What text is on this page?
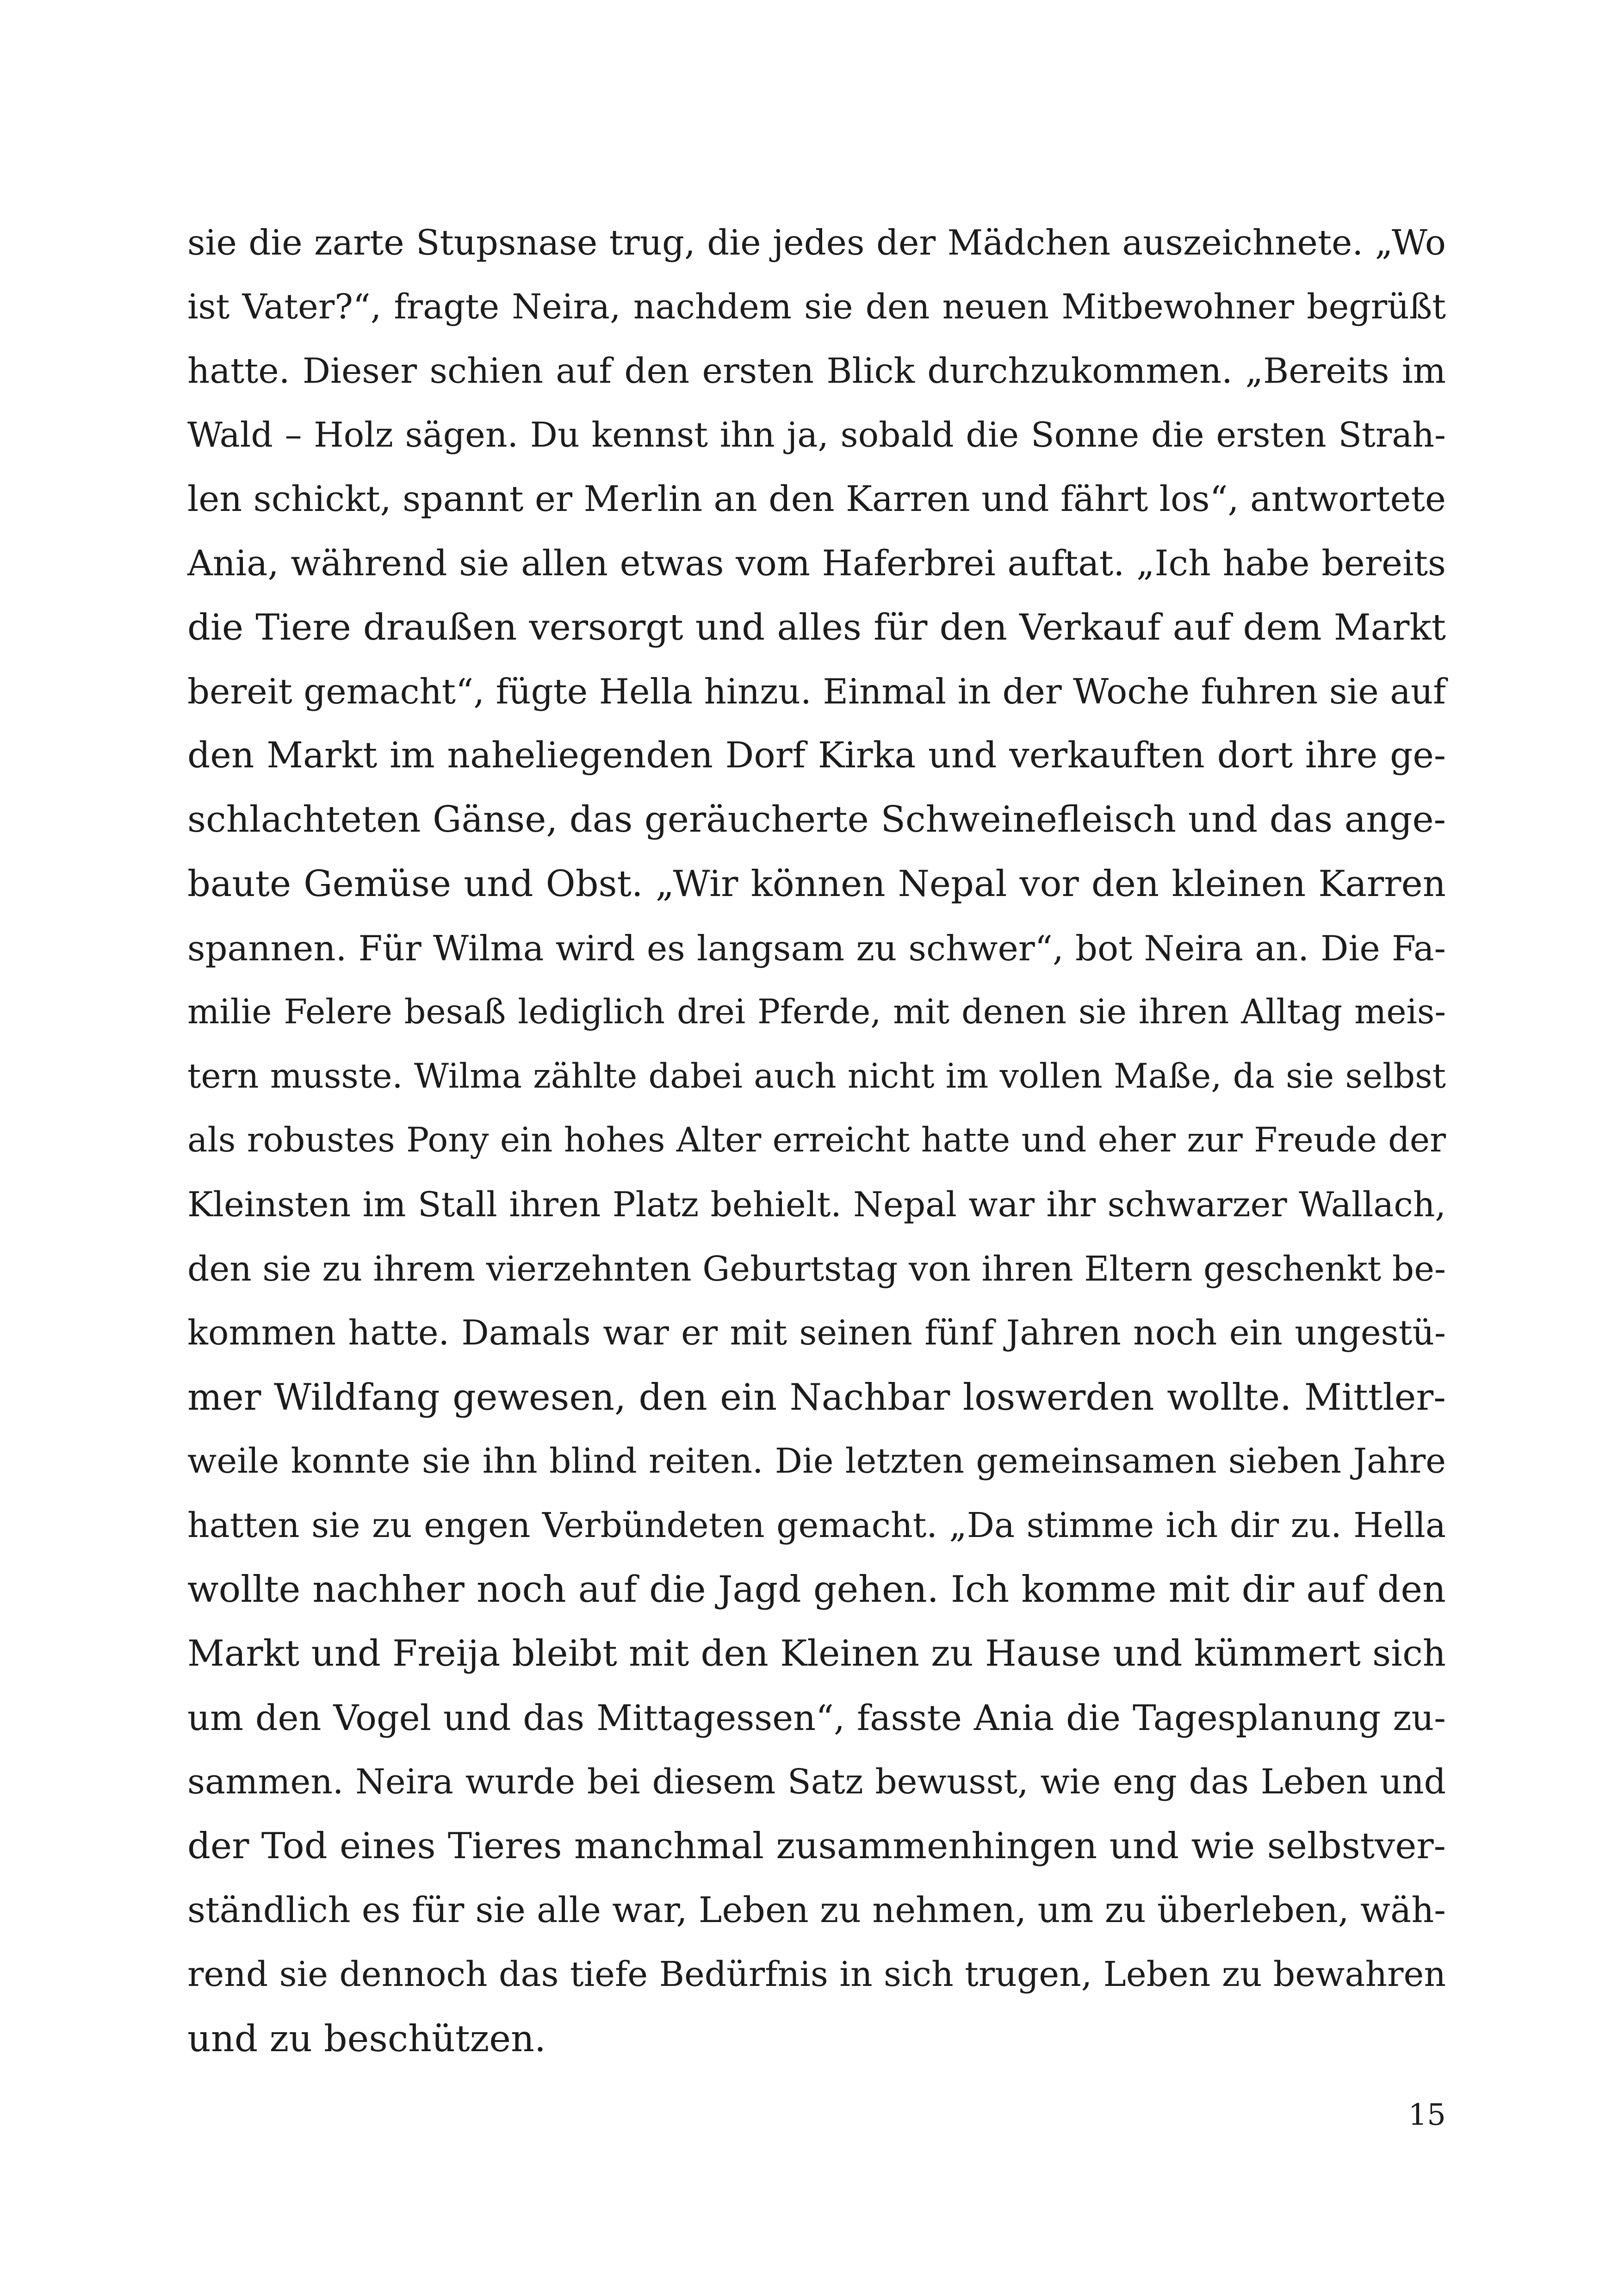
sie die zarte Stupsnase trug, die jedes der Mädchen auszeichnete. „Wo
ist Vater?“, fragte Neira, nachdem sie den neuen Mitbewohner begrüßt
hatte. Dieser schien auf den ersten Blick durchzukommen. „Bereits im
Wald – Holz sägen. Du kennst ihn ja, sobald die Sonne die ersten Strah-
len schickt, spannt er Merlin an den Karren und fährt los“, antwortete
Ania, während sie allen etwas vom Haferbrei auftat. „Ich habe bereits
die Tiere draußen versorgt und alles für den Verkauf auf dem Markt
bereit gemacht“, fügte Hella hinzu. Einmal in der Woche fuhren sie auf
den Markt im naheliegenden Dorf Kirka und verkauften dort ihre ge-
schlachteten Gänse, das geräucherte Schweinefleisch und das ange-
baute Gemüse und Obst. „Wir können Nepal vor den kleinen Karren
spannen. Für Wilma wird es langsam zu schwer“, bot Neira an. Die Fa-
milie Felere besaß lediglich drei Pferde, mit denen sie ihren Alltag meis-
tern musste. Wilma zählte dabei auch nicht im vollen Maße, da sie selbst
als robustes Pony ein hohes Alter erreicht hatte und eher zur Freude der
Kleinsten im Stall ihren Platz behielt. Nepal war ihr schwarzer Wallach,
den sie zu ihrem vierzehnten Geburtstag von ihren Eltern geschenkt be-
kommen hatte. Damals war er mit seinen fünf Jahren noch ein ungestü-
mer Wildfang gewesen, den ein Nachbar loswerden wollte. Mittler-
weile konnte sie ihn blind reiten. Die letzten gemeinsamen sieben Jahre
hatten sie zu engen Verbündeten gemacht. „Da stimme ich dir zu. Hella
wollte nachher noch auf die Jagd gehen. Ich komme mit dir auf den
Markt und Freija bleibt mit den Kleinen zu Hause und kümmert sich
um den Vogel und das Mittagessen“, fasste Ania die Tagesplanung zu-
sammen. Neira wurde bei diesem Satz bewusst, wie eng das Leben und
der Tod eines Tieres manchmal zusammenhingen und wie selbstver-
ständlich es für sie alle war, Leben zu nehmen, um zu überleben, wäh-
rend sie dennoch das tiefe Bedürfnis in sich trugen, Leben zu bewahren
und zu beschützen.
15
